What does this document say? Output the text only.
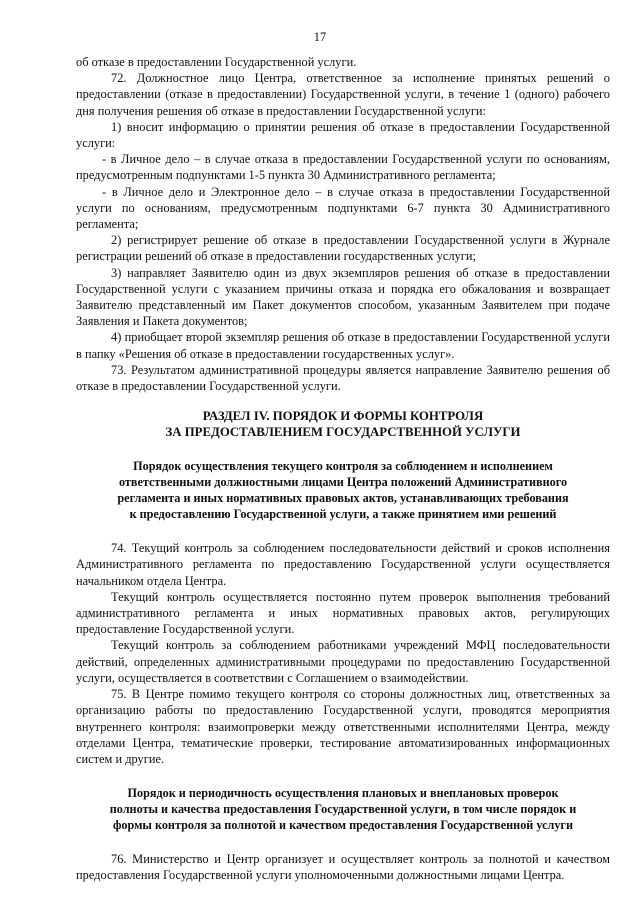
17

об отказе в предоставлении Государственной услуги.

72. Должностное лицо Центра, ответственное за исполнение принятых решений о предоставлении (отказе в предоставлении) Государственной услуги, в течение 1 (одного) рабочего дня получения решения об отказе в предоставлении Государственной услуги:

1) вносит информацию о принятии решения об отказе в предоставлении Государственной услуги:

- в Личное дело – в случае отказа в предоставлении Государственной услуги по основаниям, предусмотренным подпунктами 1-5 пункта 30 Административного регламента;

- в Личное дело и Электронное дело – в случае отказа в предоставлении Государственной услуги по основаниям, предусмотренным подпунктами 6-7 пункта 30 Административного регламента;

2) регистрирует решение об отказе в предоставлении Государственной услуги в Журнале регистрации решений об отказе в предоставлении государственных услуги;

3) направляет Заявителю один из двух экземпляров решения об отказе в предоставлении Государственной услуги с указанием причины отказа и порядка его обжалования и возвращает Заявителю представленный им Пакет документов способом, указанным Заявителем при подаче Заявления и Пакета документов;

4) приобщает второй экземпляр решения об отказе в предоставлении Государственной услуги в папку «Решения об отказе в предоставлении государственных услуг».

73. Результатом административной процедуры является направление Заявителю решения об отказе в предоставлении Государственной услуги.

РАЗДЕЛ IV. ПОРЯДОК И ФОРМЫ КОНТРОЛЯ

ЗА ПРЕДОСТАВЛЕНИЕМ ГОСУДАРСТВЕННОЙ УСЛУГИ

Порядок осуществления текущего контроля за соблюдением и исполнением

ответственными должностными лицами Центра положений Административного

регламента и иных нормативных правовых актов, устанавливающих требования

к предоставлению Государственной услуги, а также принятием ими решений

74. Текущий контроль за соблюдением последовательности действий и сроков исполнения Административного регламента по предоставлению Государственной услуги осуществляется начальником отдела Центра.

Текущий контроль осуществляется постоянно путем проверок выполнения требований административного регламента и иных нормативных правовых актов, регулирующих предоставление Государственной услуги.

Текущий контроль за соблюдением работниками учреждений МФЦ последовательности действий, определенных административными процедурами по предоставлению Государственной услуги, осуществляется в соответствии с Соглашением о взаимодействии.

75. В Центре помимо текущего контроля со стороны должностных лиц, ответственных за организацию работы по предоставлению Государственной услуги, проводятся мероприятия внутреннего контроля: взаимопроверки между ответственными исполнителями Центра, между отделами Центра, тематические проверки, тестирование автоматизированных информационных систем и другие.

Порядок и периодичность осуществления плановых и внеплановых проверок

полноты и качества предоставления Государственной услуги, в том числе порядок и

формы контроля за полнотой и качеством предоставления Государственной услуги

76. Министерство и Центр организует и осуществляет контроль за полнотой и качеством предоставления Государственной услуги уполномоченными должностными лицами Центра.
